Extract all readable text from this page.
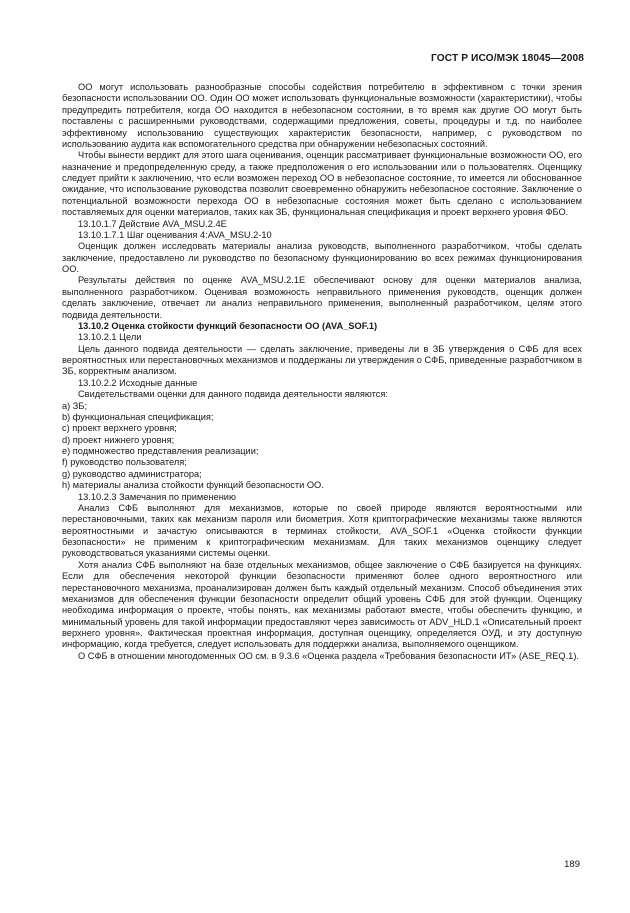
ГОСТ Р ИСО/МЭК 18045—2008

ОО могут использовать разнообразные способы содействия потребителю в эффективном с точки зрения безопасности использовании ОО. Один ОО может использовать функциональные возможности (характеристики), чтобы предупредить потребителя, когда ОО находится в небезопасном состоянии, в то время как другие ОО могут быть поставлены с расширенными руководствами, содержащими предложения, советы, процедуры и т.д. по наиболее эффективному использованию существующих характеристик безопасности, например, с руководством по использованию аудита как вспомогательного средства при обнаружении небезопасных состояний.

Чтобы вынести вердикт для этого шага оценивания, оценщик рассматривает функциональные возможности ОО, его назначение и предопределенную среду, а также предположения о его использовании или о пользователях. Оценщику следует прийти к заключению, что если возможен переход ОО в небезопасное состояние, то имеется ли обоснованное ожидание, что использование руководства позволит своевременно обнаружить небезопасное состояние. Заключение о потенциальной возможности перехода ОО в небезопасные состояния может быть сделано с использованием поставляемых для оценки материалов, таких как ЗБ, функциональная спецификация и проект верхнего уровня ФБО.

13.10.1.7 Действие AVA_MSU.2.4E

13.10.1.7.1 Шаг оценивания 4:AVA_MSU.2-10

Оценщик должен исследовать материалы анализа руководств, выполненного разработчиком, чтобы сделать заключение, предоставлено ли руководство по безопасному функционированию во всех режимах функционирования ОО.

Результаты действия по оценке AVA_MSU.2.1E обеспечивают основу для оценки материалов анализа, выполненного разработчиком. Оценивая возможность неправильного применения руководств, оценщик должен сделать заключение, отвечает ли анализ неправильного применения, выполненный разработчиком, целям этого подвида деятельности.

13.10.2 Оценка стойкости функций безопасности ОО (AVA_SOF.1)

13.10.2.1 Цели

Цель данного подвида деятельности — сделать заключение, приведены ли в ЗБ утверждения о СФБ для всех вероятностных или перестановочных механизмов и поддержаны ли утверждения о СФБ, приведенные разработчиком в ЗБ, корректным анализом.

13.10.2.2 Исходные данные

Свидетельствами оценки для данного подвида деятельности являются:

a) ЗБ;

b) функциональная спецификация;

c) проект верхнего уровня;

d) проект нижнего уровня;

e) подмножество представления реализации;

f) руководство пользователя;

g) руководство администратора;

h) материалы анализа стойкости функций безопасности ОО.

13.10.2.3 Замечания по применению

Анализ СФБ выполняют для механизмов, которые по своей природе являются вероятностными или перестановочными, таких как механизм пароля или биометрия. Хотя криптографические механизмы также являются вероятностными и зачастую описываются в терминах стойкости, AVA_SOF.1 «Оценка стойкости функции безопасности» не применим к криптографическим механизмам. Для таких механизмов оценщику следует руководствоваться указаниями системы оценки.

Хотя анализ СФБ выполняют на базе отдельных механизмов, общее заключение о СФБ базируется на функциях. Если для обеспечения некоторой функции безопасности применяют более одного вероятностного или перестановочного механизма, проанализирован должен быть каждый отдельный механизм. Способ объединения этих механизмов для обеспечения функции безопасности определит общий уровень СФБ для этой функции. Оценщику необходима информация о проекте, чтобы понять, как механизмы работают вместе, чтобы обеспечить функцию, и минимальный уровень для такой информации предоставляют через зависимость от ADV_HLD.1 «Описательный проект верхнего уровня». Фактическая проектная информация, доступная оценщику, определяется ОУД, и эту доступную информацию, когда требуется, следует использовать для поддержки анализа, выполняемого оценщиком.

О СФБ в отношении многодоменных ОО см. в 9.3.6 «Оценка раздела «Требования безопасности ИТ» (ASE_REQ.1).

189
